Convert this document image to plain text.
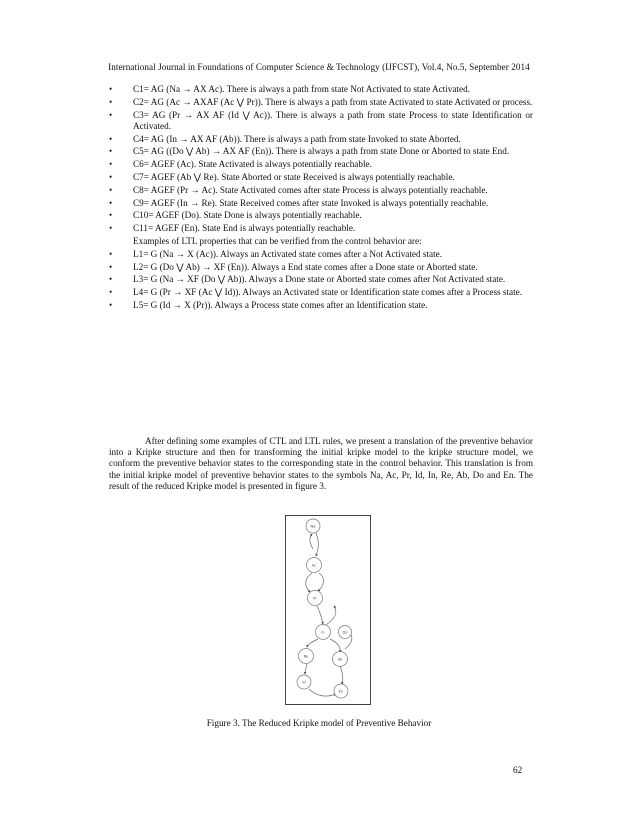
International Journal in Foundations of Computer Science & Technology (IJFCST), Vol.4, No.5, September 2014
• C1= AG (Na → AX Ac). There is always a path from state Not Activated to state Activated.
• C2= AG (Ac → AXAF (Ac ⋁ Pr)). There is always a path from state Activated to state Activated or process.
• C3= AG (Pr → AX AF (Id ⋁ Ac)). There is always a path from state Process to state Identification or Activated.
• C4= AG (In → AX AF (Ab)). There is always a path from state Invoked to state Aborted.
• C5= AG ((Do ⋁ Ab) → AX AF (En)). There is always a path from state Done or Aborted to state End.
• C6= AGEF (Ac). State Activated is always potentially reachable.
• C7= AGEF (Ab ⋁ Re). State Aborted or state Received is always potentially reachable.
• C8= AGEF (Pr → Ac). State Activated comes after state Process is always potentially reachable.
• C9= AGEF (In → Re). State Received comes after state Invoked is always potentially reachable.
• C10= AGEF (Do). State Done is always potentially reachable.
• C11= AGEF (En). State End is always potentially reachable.
Examples of LTL properties that can be verified from the control behavior are:
• L1= G (Na → X (Ac)). Always an Activated state comes after a Not Activated state.
• L2= G (Do ⋁ Ab) → XF (En)). Always a End state comes after a Done state or Aborted state.
• L3= G (Na → XF (Do ⋁ Ab)). Always a Done state or Aborted state comes after Not Activated state.
• L4= G (Pr → XF (Ac ⋁ Id)). Always an Activated state or Identification state comes after a Process state.
• L5= G (Id → X (Pr)). Always a Process state comes after an Identification state.
After defining some examples of CTL and LTL rules, we present a translation of the preventive behavior into a Kripke structure and then for transforming the initial kripke model to the kripke structure model, we conform the preventive behavior states to the corresponding state in the control behavior. This translation is from the initial kripke model of preventive behavior states to the symbols Na, Ac, Pr, Id, In, Re, Ab, Do and En. The result of the reduced Kripke model is presented in figure 3.
Na
Ac
Pr
In
Re
Ab
Id
Do
En
Figure 3. The Reduced Kripke model of Preventive Behavior
62
